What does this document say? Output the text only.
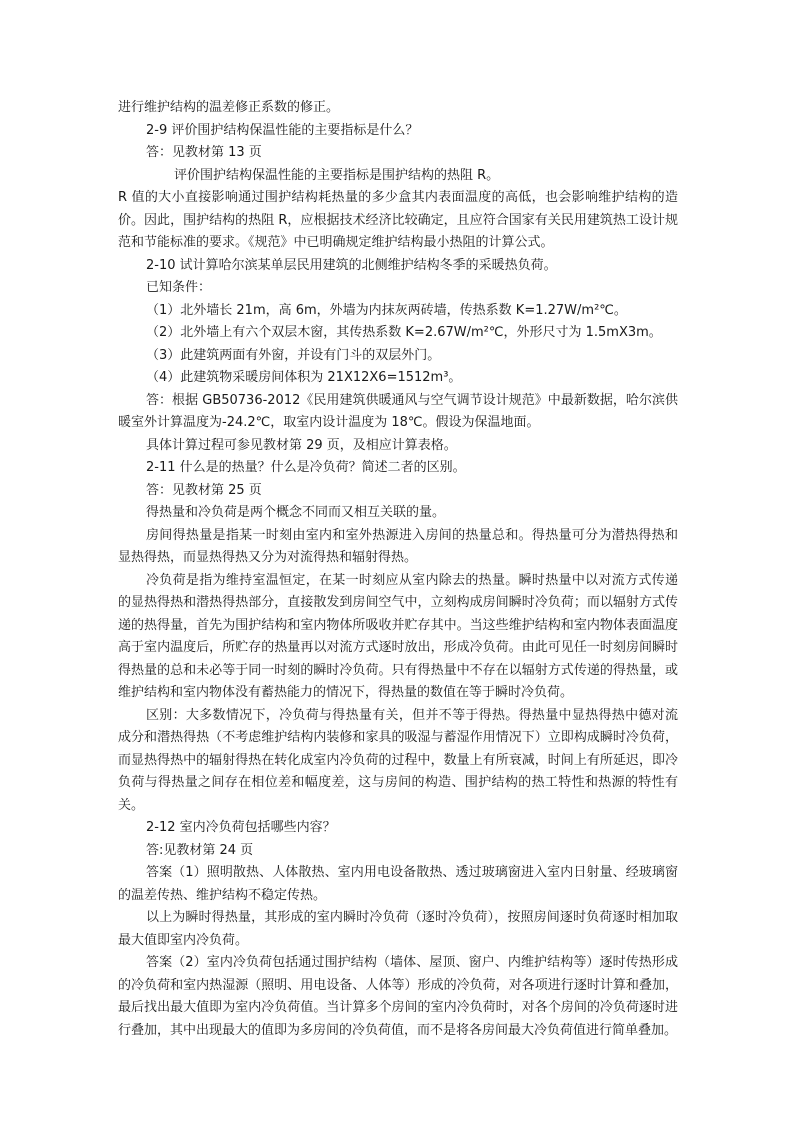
进行维护结构的温差修正系数的修正。

2-9 评价围护结构保温性能的主要指标是什么？

答：见教材第 13 页

评价围护结构保温性能的主要指标是围护结构的热阻 R。

R 值的大小直接影响通过围护结构耗热量的多少盒其内表面温度的高低，也会影响维护结构的造价。因此，围护结构的热阻 R，应根据技术经济比较确定，且应符合国家有关民用建筑热工设计规范和节能标准的要求。《规范》中已明确规定维护结构最小热阻的计算公式。

2-10 试计算哈尔滨某单层民用建筑的北侧维护结构冬季的采暖热负荷。

已知条件：

（1）北外墙长 21m，高 6m，外墙为内抹灰两砖墙，传热系数 K=1.27W/m²℃。

（2）北外墙上有六个双层木窗，其传热系数 K=2.67W/m²℃，外形尺寸为 1.5mX3m。

（3）此建筑两面有外窗，并设有门斗的双层外门。

（4）此建筑物采暖房间体积为 21X12X6=1512m³。

答：根据 GB50736-2012《民用建筑供暖通风与空气调节设计规范》中最新数据，哈尔滨供暖室外计算温度为-24.2℃，取室内设计温度为 18℃。假设为保温地面。

具体计算过程可参见教材第 29 页，及相应计算表格。

2-11 什么是的热量？什么是冷负荷？简述二者的区别。

答：见教材第 25 页

得热量和冷负荷是两个概念不同而又相互关联的量。

房间得热量是指某一时刻由室内和室外热源进入房间的热量总和。得热量可分为潜热得热和显热得热，而显热得热又分为对流得热和辐射得热。

冷负荷是指为维持室温恒定，在某一时刻应从室内除去的热量。瞬时热量中以对流方式传递的显热得热和潜热得热部分，直接散发到房间空气中，立刻构成房间瞬时冷负荷；而以辐射方式传递的热得量，首先为围护结构和室内物体所吸收并贮存其中。当这些维护结构和室内物体表面温度高于室内温度后，所贮存的热量再以对流方式逐时放出，形成冷负荷。由此可见任一时刻房间瞬时得热量的总和未必等于同一时刻的瞬时冷负荷。只有得热量中不存在以辐射方式传递的得热量，或维护结构和室内物体没有蓄热能力的情况下，得热量的数值在等于瞬时冷负荷。

区别：大多数情况下，冷负荷与得热量有关，但并不等于得热。得热量中显热得热中德对流成分和潜热得热（不考虑维护结构内装修和家具的吸湿与蓄湿作用情况下）立即构成瞬时冷负荷，而显热得热中的辐射得热在转化成室内冷负荷的过程中，数量上有所衰减，时间上有所延迟，即冷负荷与得热量之间存在相位差和幅度差，这与房间的构造、围护结构的热工特性和热源的特性有关。

2-12 室内冷负荷包括哪些内容？

答:见教材第 24 页

答案（1）照明散热、人体散热、室内用电设备散热、透过玻璃窗进入室内日射量、经玻璃窗的温差传热、维护结构不稳定传热。

以上为瞬时得热量，其形成的室内瞬时冷负荷（逐时冷负荷），按照房间逐时负荷逐时相加取最大值即室内冷负荷。

答案（2）室内冷负荷包括通过围护结构（墙体、屋顶、窗户、内维护结构等）逐时传热形成的冷负荷和室内热湿源（照明、用电设备、人体等）形成的冷负荷，对各项进行逐时计算和叠加，最后找出最大值即为室内冷负荷值。当计算多个房间的室内冷负荷时，对各个房间的冷负荷逐时进行叠加，其中出现最大的值即为多房间的冷负荷值，而不是将各房间最大冷负荷值进行简单叠加。
